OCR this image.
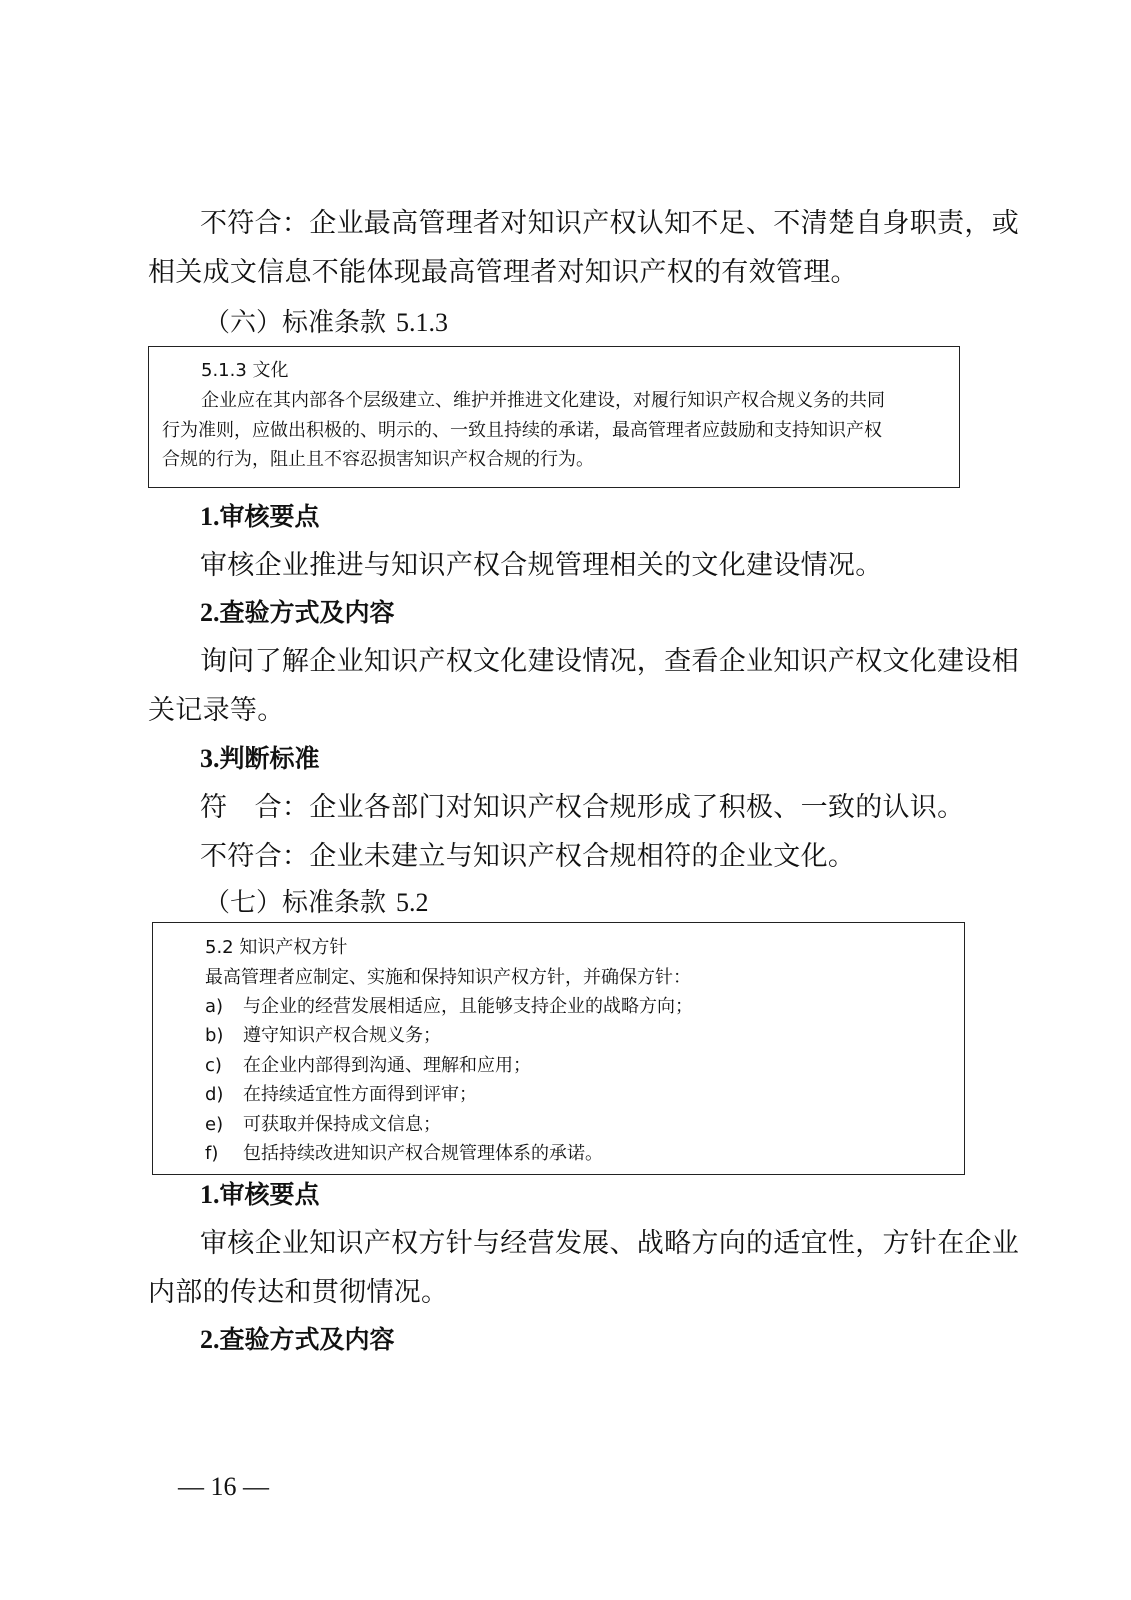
不符合：企业最高管理者对知识产权认知不足、不清楚自身职责，或
相关成文信息不能体现最高管理者对知识产权的有效管理。
（六）标准条款 5.1.3
5.1.3 文化
企业应在其内部各个层级建立、维护并推进文化建设，对履行知识产权合规义务的共同
行为准则，应做出积极的、明示的、一致且持续的承诺，最高管理者应鼓励和支持知识产权
合规的行为，阻止且不容忍损害知识产权合规的行为。
1.审核要点
审核企业推进与知识产权合规管理相关的文化建设情况。
2.查验方式及内容
询问了解企业知识产权文化建设情况，查看企业知识产权文化建设相
关记录等。
3.判断标准
符　合：企业各部门对知识产权合规形成了积极、一致的认识。
不符合：企业未建立与知识产权合规相符的企业文化。
（七）标准条款 5.2
5.2 知识产权方针
最高管理者应制定、实施和保持知识产权方针，并确保方针：
a) 与企业的经营发展相适应，且能够支持企业的战略方向；
b) 遵守知识产权合规义务；
c) 在企业内部得到沟通、理解和应用；
d) 在持续适宜性方面得到评审；
e) 可获取并保持成文信息；
f) 包括持续改进知识产权合规管理体系的承诺。
1.审核要点
审核企业知识产权方针与经营发展、战略方向的适宜性，方针在企业
内部的传达和贯彻情况。
2.查验方式及内容
— 16 —
